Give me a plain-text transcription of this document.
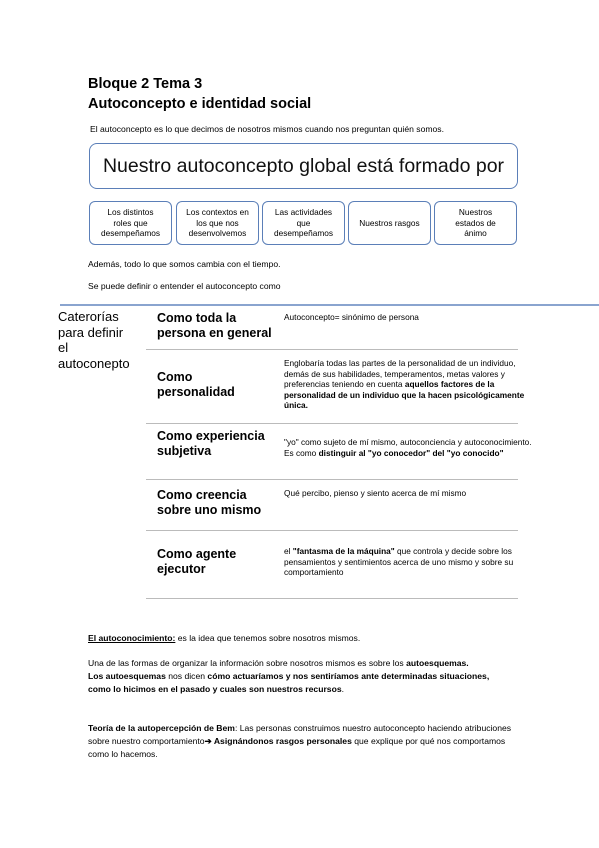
Bloque 2 Tema 3
Autoconcepto e identidad social
El autoconcepto es lo que decimos de nosotros mismos cuando nos preguntan quién somos.
Nuestro autoconcepto global está formado por
Los distintos
roles que
desempeñamos
Los contextos en
los que nos
desenvolvemos
Las actividades
que
desempeñamos
Nuestros rasgos
Nuestros
estados de
ánimo
Además, todo lo que somos cambia con el tiempo.
Se puede definir o entender el autoconcepto como
Caterorías
para definir
el
autoconepto
Como toda la
persona en general
Autoconcepto= sinónimo de persona
Como
personalidad
Englobaría todas las partes de la personalidad de un individuo, demás de sus habilidades, temperamentos, metas valores y preferencias teniendo en cuenta aquellos factores de la personalidad de un individuo que la hacen psicológicamente única.
Como experiencia
subjetiva
"yo" como sujeto de mí mismo, autoconciencia y autoconocimiento. Es como distinguir al "yo conocedor" del "yo conocido"
Como creencia
sobre uno mismo
Qué percibo, pienso y siento acerca de mí mismo
Como agente
ejecutor
el "fantasma de la máquina" que controla y decide sobre los pensamientos y sentimientos acerca de uno mismo y sobre su comportamiento
El autoconocimiento: es la idea que tenemos sobre nosotros mismos.
Una de las formas de organizar la información sobre nosotros mismos es sobre los autoesquemas.
Los autoesquemas nos dicen cómo actuaríamos y nos sentiríamos ante determinadas situaciones, como lo hicimos en el pasado y cuales son nuestros recursos.
Teoría de la autopercepción de Bem: Las personas construimos nuestro autoconcepto haciendo atribuciones sobre nuestro comportamiento➔ Asignándonos rasgos personales que explique por qué nos comportamos como lo hacemos.
